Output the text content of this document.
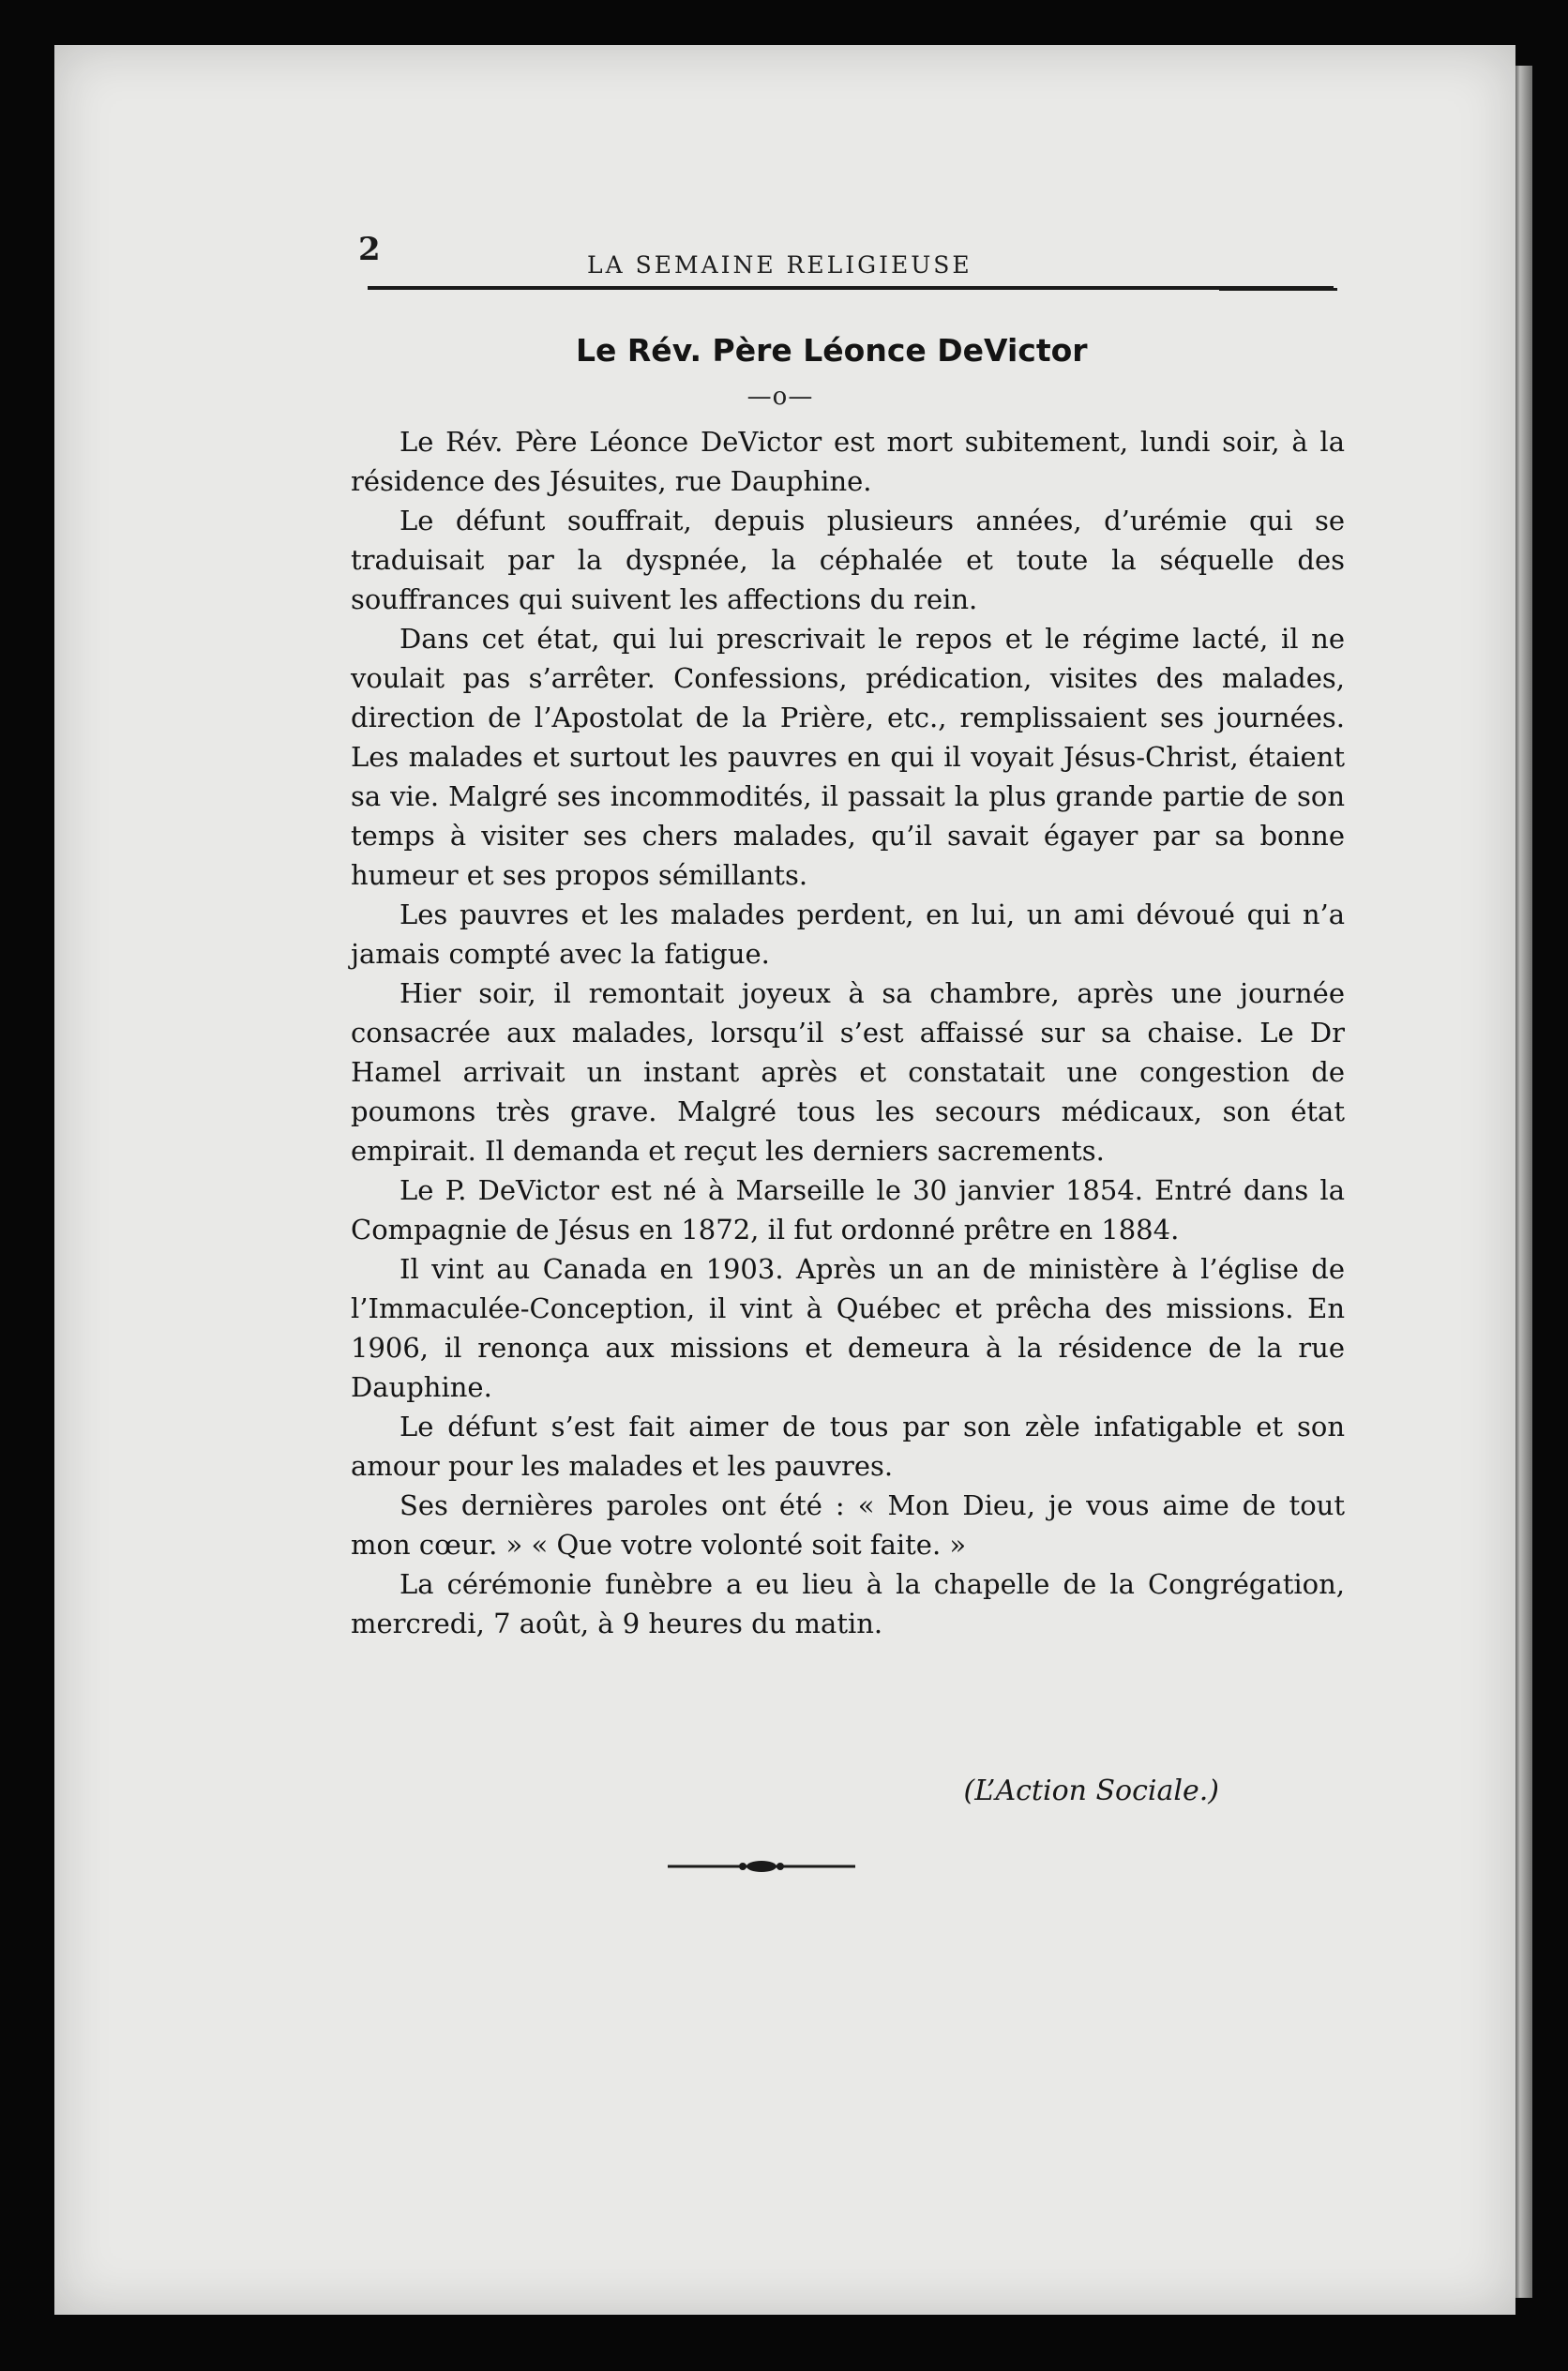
2	LA SEMAINE RELIGIEUSE
Le Rév. Père Léonce DeVictor
—o—

Le Rév. Père Léonce DeVictor est mort subitement, lundi soir, à la résidence des Jésuites, rue Dauphine.

Le défunt souffrait, depuis plusieurs années, d’urémie qui se traduisait par la dyspnée, la céphalée et toute la séquelle des souffrances qui suivent les affections du rein.

Dans cet état, qui lui prescrivait le repos et le régime lacté, il ne voulait pas s’arrêter. Confessions, prédication, visites des malades, direction de l’Apostolat de la Prière, etc., remplissaient ses journées. Les malades et surtout les pauvres en qui il voyait Jésus-Christ, étaient sa vie. Malgré ses incommodités, il passait la plus grande partie de son temps à visiter ses chers malades, qu’il savait égayer par sa bonne humeur et ses propos sémillants.

Les pauvres et les malades perdent, en lui, un ami dévoué qui n’a jamais compté avec la fatigue.

Hier soir, il remontait joyeux à sa chambre, après une journée consacrée aux malades, lorsqu’il s’est affaissé sur sa chaise. Le Dr Hamel arrivait un instant après et constatait une congestion de poumons très grave. Malgré tous les secours médicaux, son état empirait. Il demanda et reçut les derniers sacrements.

Le P. DeVictor est né à Marseille le 30 janvier 1854. Entré dans la Compagnie de Jésus en 1872, il fut ordonné prêtre en 1884.

Il vint au Canada en 1903. Après un an de ministère à l’église de l’Immaculée-Conception, il vint à Québec et prêcha des missions. En 1906, il renonça aux missions et demeura à la résidence de la rue Dauphine.

Le défunt s’est fait aimer de tous par son zèle infatigable et son amour pour les malades et les pauvres.

Ses dernières paroles ont été : « Mon Dieu, je vous aime de tout mon cœur. » « Que votre volonté soit faite. »

La cérémonie funèbre a eu lieu à la chapelle de la Congrégation, mercredi, 7 août, à 9 heures du matin.

(L’Action Sociale.)
